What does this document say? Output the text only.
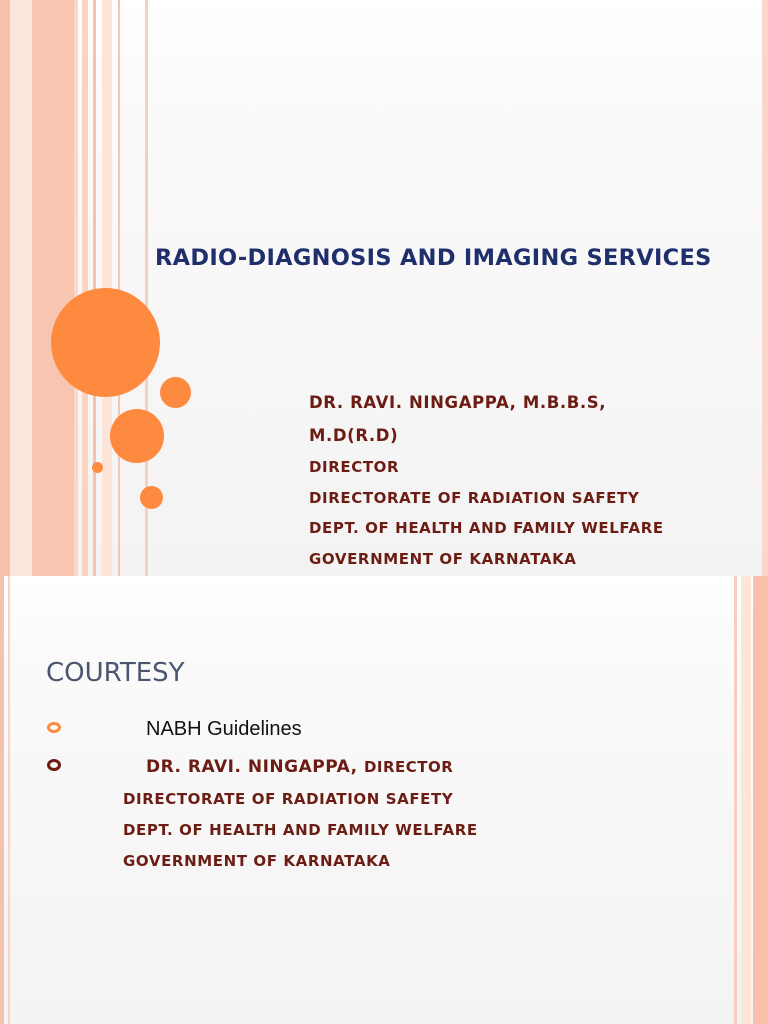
RADIO-DIAGNOSIS AND IMAGING SERVICES
DR. RAVI. NINGAPPA, M.B.B.S,
M.D(R.D)
DIRECTOR
DIRECTORATE OF RADIATION SAFETY
DEPT. OF HEALTH AND FAMILY WELFARE
GOVERNMENT OF KARNATAKA
COURTESY

NABH Guidelines

DR. RAVI. NINGAPPA, DIRECTOR

DIRECTORATE OF RADIATION SAFETY

DEPT. OF HEALTH AND FAMILY WELFARE

GOVERNMENT OF KARNATAKA
